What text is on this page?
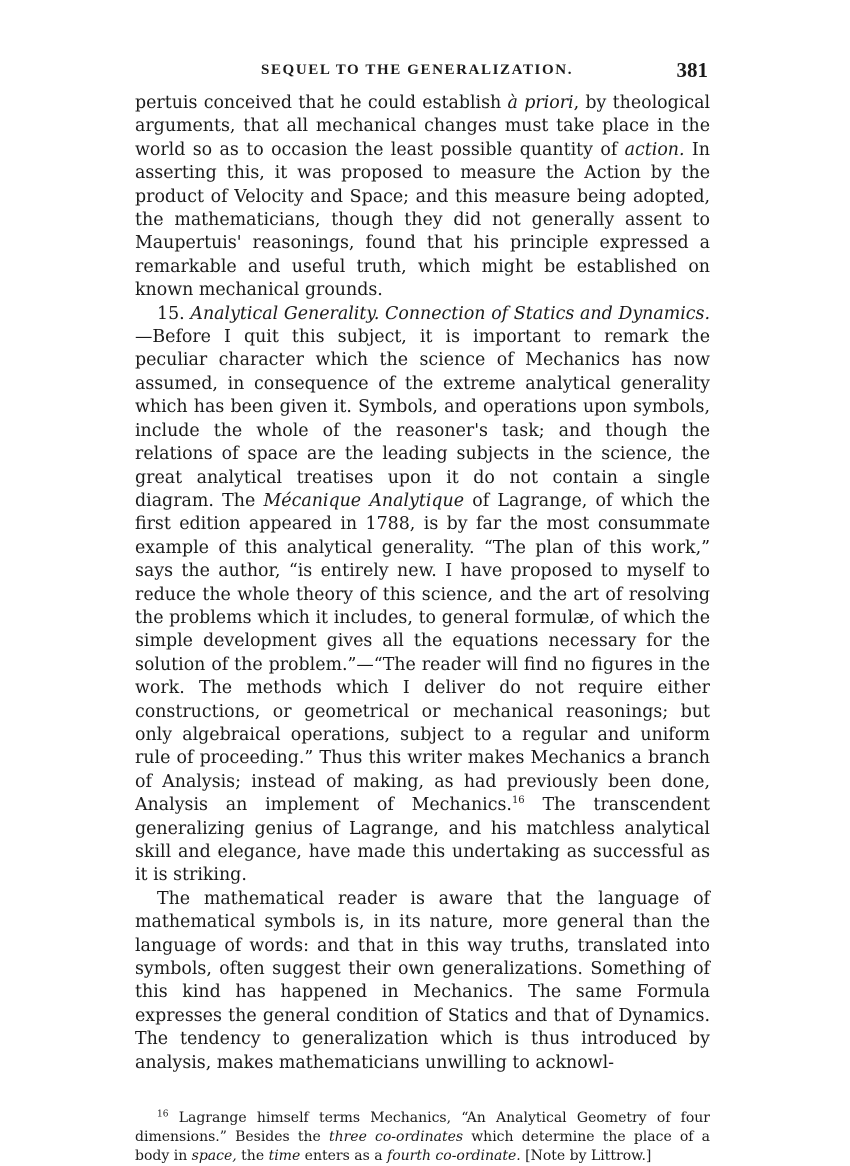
SEQUEL TO THE GENERALIZATION.	381

pertuis conceived that he could establish à priori, by theological arguments, that all mechanical changes must take place in the world so as to occasion the least possible quantity of action. In asserting this, it was proposed to measure the Action by the product of Velocity and Space; and this measure being adopted, the mathematicians, though they did not generally assent to Maupertuis' reasonings, found that his principle expressed a remarkable and useful truth, which might be established on known mechanical grounds.

15. Analytical Generality. Connection of Statics and Dynamics.—Before I quit this subject, it is important to remark the peculiar character which the science of Mechanics has now assumed, in consequence of the extreme analytical generality which has been given it. Symbols, and operations upon symbols, include the whole of the reasoner's task; and though the relations of space are the leading subjects in the science, the great analytical treatises upon it do not contain a single diagram. The Mécanique Analytique of Lagrange, of which the first edition appeared in 1788, is by far the most consummate example of this analytical generality. “The plan of this work,” says the author, “is entirely new. I have proposed to myself to reduce the whole theory of this science, and the art of resolving the problems which it includes, to general formulæ, of which the simple development gives all the equations necessary for the solution of the problem.”—“The reader will find no figures in the work. The methods which I deliver do not require either constructions, or geometrical or mechanical reasonings; but only algebraical operations, subject to a regular and uniform rule of proceeding.” Thus this writer makes Mechanics a branch of Analysis; instead of making, as had previously been done, Analysis an implement of Mechanics.$^{16}$ The transcendent generalizing genius of Lagrange, and his matchless analytical skill and elegance, have made this undertaking as successful as it is striking.

The mathematical reader is aware that the language of mathematical symbols is, in its nature, more general than the language of words: and that in this way truths, translated into symbols, often suggest their own generalizations. Something of this kind has happened in Mechanics. The same Formula expresses the general condition of Statics and that of Dynamics. The tendency to generalization which is thus introduced by analysis, makes mathematicians unwilling to acknowl-

$^{16}$ Lagrange himself terms Mechanics, “An Analytical Geometry of four dimensions.” Besides the three co-ordinates which determine the place of a body in space, the time enters as a fourth co-ordinate. [Note by Littrow.]
